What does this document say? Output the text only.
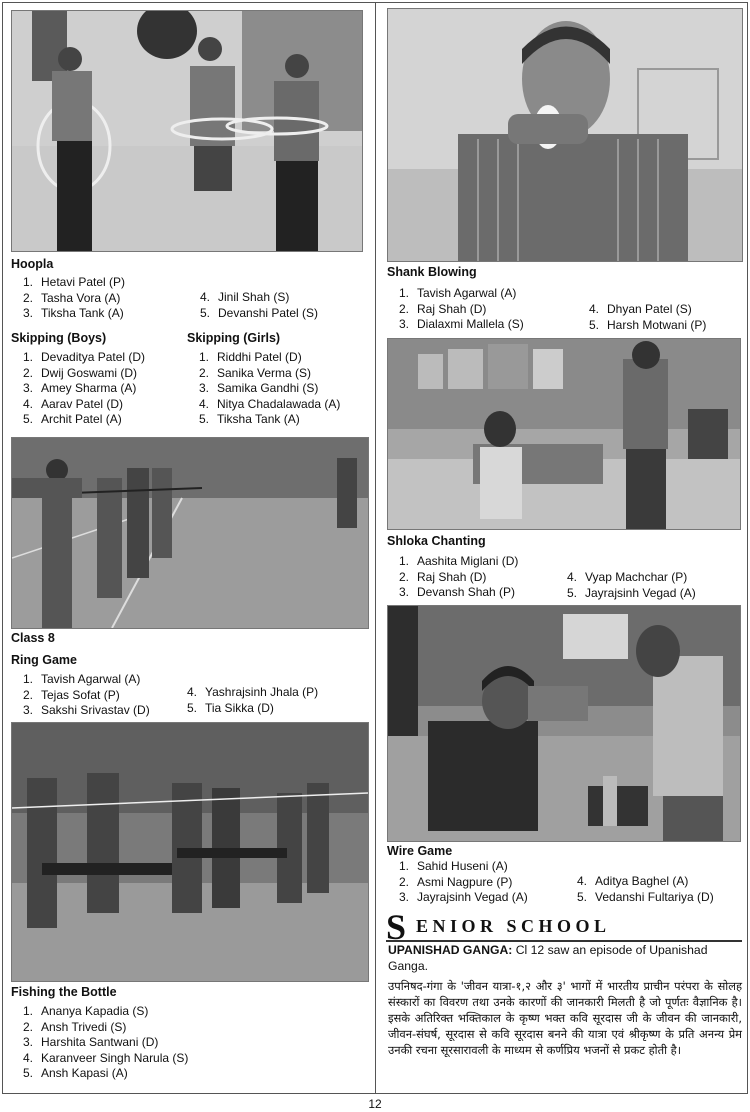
Hoopla
1. Hetavi Patel (P)
2. Tasha Vora (A)
3. Tiksha Tank (A)
4. Jinil Shah (S)
5. Devanshi Patel (S)
Skipping (Boys)	Skipping (Girls)
1. Devaditya Patel (D)
2. Dwij Goswami (D)
3. Amey Sharma (A)
4. Aarav Patel (D)
5. Archit Patel (A)
1. Riddhi Patel (D)
2. Sanika Verma (S)
3. Samika Gandhi (S)
4. Nitya Chadalawada (A)
5. Tiksha Tank (A)
Class 8
Ring Game
1. Tavish Agarwal (A)
2. Tejas Sofat (P)
3. Sakshi Srivastav (D)
4. Yashrajsinh Jhala (P)
5. Tia Sikka (D)
Fishing the Bottle
1. Ananya Kapadia (S)
2. Ansh Trivedi (S)
3. Harshita Santwani (D)
4. Karanveer Singh Narula (S)
5. Ansh Kapasi (A)
Shank Blowing
1. Tavish Agarwal (A)
2. Raj Shah (D)
3. Dialaxmi Mallela (S)
4. Dhyan Patel (S)
5. Harsh Motwani (P)
Shloka Chanting
1. Aashita Miglani (D)
2. Raj Shah (D)
3. Devansh Shah (P)
4. Vyap Machchar (P)
5. Jayrajsinh Vegad (A)
Wire Game
1. Sahid Huseni (A)
2. Asmi Nagpure (P)
3. Jayrajsinh Vegad (A)
4. Aditya Baghel (A)
5. Vedanshi Fultariya (D)
S ENIOR SCHOOL
UPANISHAD GANGA: Cl 12 saw an episode of Upanishad Ganga.
उपनिषद-गंगा के 'जीवन यात्रा-१,२ और ३' भागों में भारतीय प्राचीन परंपरा के सोलह संस्कारों का विवरण तथा उनके कारणों की जानकारी मिलती है जो पूर्णतः वैज्ञानिक है। इसके अतिरिक्त भक्तिकाल के कृष्ण भक्त कवि सूरदास जी के जीवन की जानकारी, जीवन-संघर्ष, सूरदास से कवि सूरदास बनने की यात्रा एवं श्रीकृष्ण के प्रति अनन्य प्रेम उनकी रचना सूरसारावली के माध्यम से कर्णप्रिय भजनों से प्रकट होती है।
12
